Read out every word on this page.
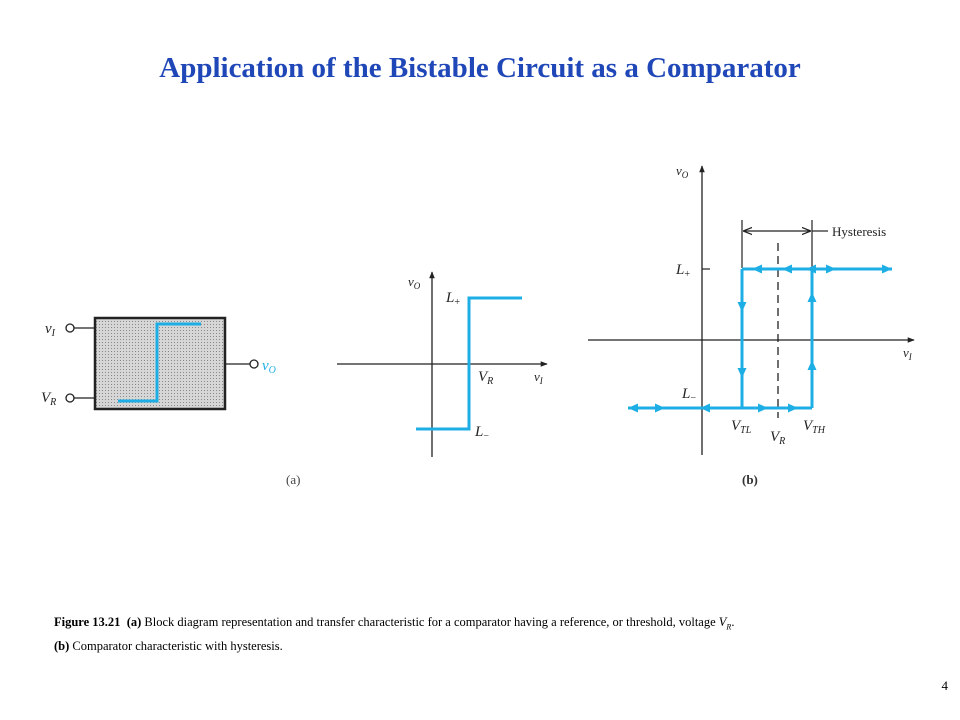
Application of the Bistable Circuit as a Comparator
$v_I$
$V_R$
$v_O$
$v_O$
$v_I$
$L_+$
$L_-$
$V_R$
(a)
Hysteresis
$v_O$
$v_I$
$L_+$
$L_-$
$V_{TL}$ $V_R$
$V_{TH}$
(b)
Figure 13.21 (a) Block diagram representation and transfer characteristic for a comparator having a reference, or threshold, voltage $V_R$.
(b) Comparator characteristic with hysteresis.
4
